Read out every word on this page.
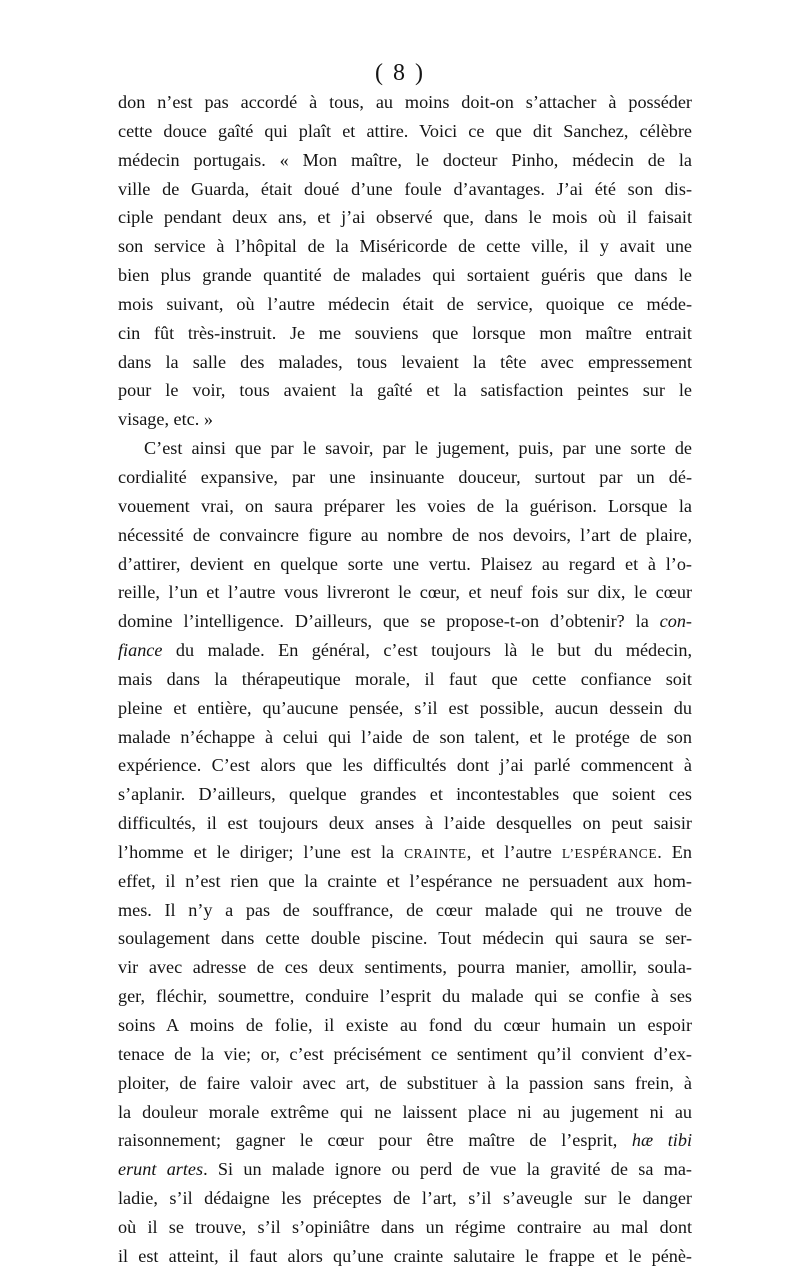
( 8 )
don n’est pas accordé à tous, au moins doit-on s’attacher à posséder
cette douce gaîté qui plaît et attire. Voici ce que dit Sanchez, célèbre
médecin portugais. « Mon maître, le docteur Pinho, médecin de la
ville de Guarda, était doué d’une foule d’avantages. J’ai été son dis-
ciple pendant deux ans, et j’ai observé que, dans le mois où il faisait
son service à l’hôpital de la Miséricorde de cette ville, il y avait une
bien plus grande quantité de malades qui sortaient guéris que dans le
mois suivant, où l’autre médecin était de service, quoique ce méde-
cin fût très-instruit. Je me souviens que lorsque mon maître entrait
dans la salle des malades, tous levaient la tête avec empressement
pour le voir, tous avaient la gaîté et la satisfaction peintes sur le
visage, etc. »
C’est ainsi que par le savoir, par le jugement, puis, par une sorte de
cordialité expansive, par une insinuante douceur, surtout par un dé-
vouement vrai, on saura préparer les voies de la guérison. Lorsque la
nécessité de convaincre figure au nombre de nos devoirs, l’art de plaire,
d’attirer, devient en quelque sorte une vertu. Plaisez au regard et à l’o-
reille, l’un et l’autre vous livreront le cœur, et neuf fois sur dix, le cœur
domine l’intelligence. D’ailleurs, que se propose-t-on d’obtenir? la con-
fiance du malade. En général, c’est toujours là le but du médecin,
mais dans la thérapeutique morale, il faut que cette confiance soit
pleine et entière, qu’aucune pensée, s’il est possible, aucun dessein du
malade n’échappe à celui qui l’aide de son talent, et le protége de son
expérience. C’est alors que les difficultés dont j’ai parlé commencent à
s’aplanir. D’ailleurs, quelque grandes et incontestables que soient ces
difficultés, il est toujours deux anses à l’aide desquelles on peut saisir
l’homme et le diriger; l’une est la CRAINTE, et l’autre L’ESPÉRANCE. En
effet, il n’est rien que la crainte et l’espérance ne persuadent aux hom-
mes. Il n’y a pas de souffrance, de cœur malade qui ne trouve de
soulagement dans cette double piscine. Tout médecin qui saura se ser-
vir avec adresse de ces deux sentiments, pourra manier, amollir, soula-
ger, fléchir, soumettre, conduire l’esprit du malade qui se confie à ses
soins A moins de folie, il existe au fond du cœur humain un espoir
tenace de la vie; or, c’est précisément ce sentiment qu’il convient d’ex-
ploiter, de faire valoir avec art, de substituer à la passion sans frein, à
la douleur morale extrême qui ne laissent place ni au jugement ni au
raisonnement; gagner le cœur pour être maître de l’esprit, hæ tibi
erunt artes. Si un malade ignore ou perd de vue la gravité de sa ma-
ladie, s’il dédaigne les préceptes de l’art, s’il s’aveugle sur le danger
où il se trouve, s’il s’opiniâtre dans un régime contraire au mal dont
il est atteint, il faut alors qu’une crainte salutaire le frappe et le pénè-
